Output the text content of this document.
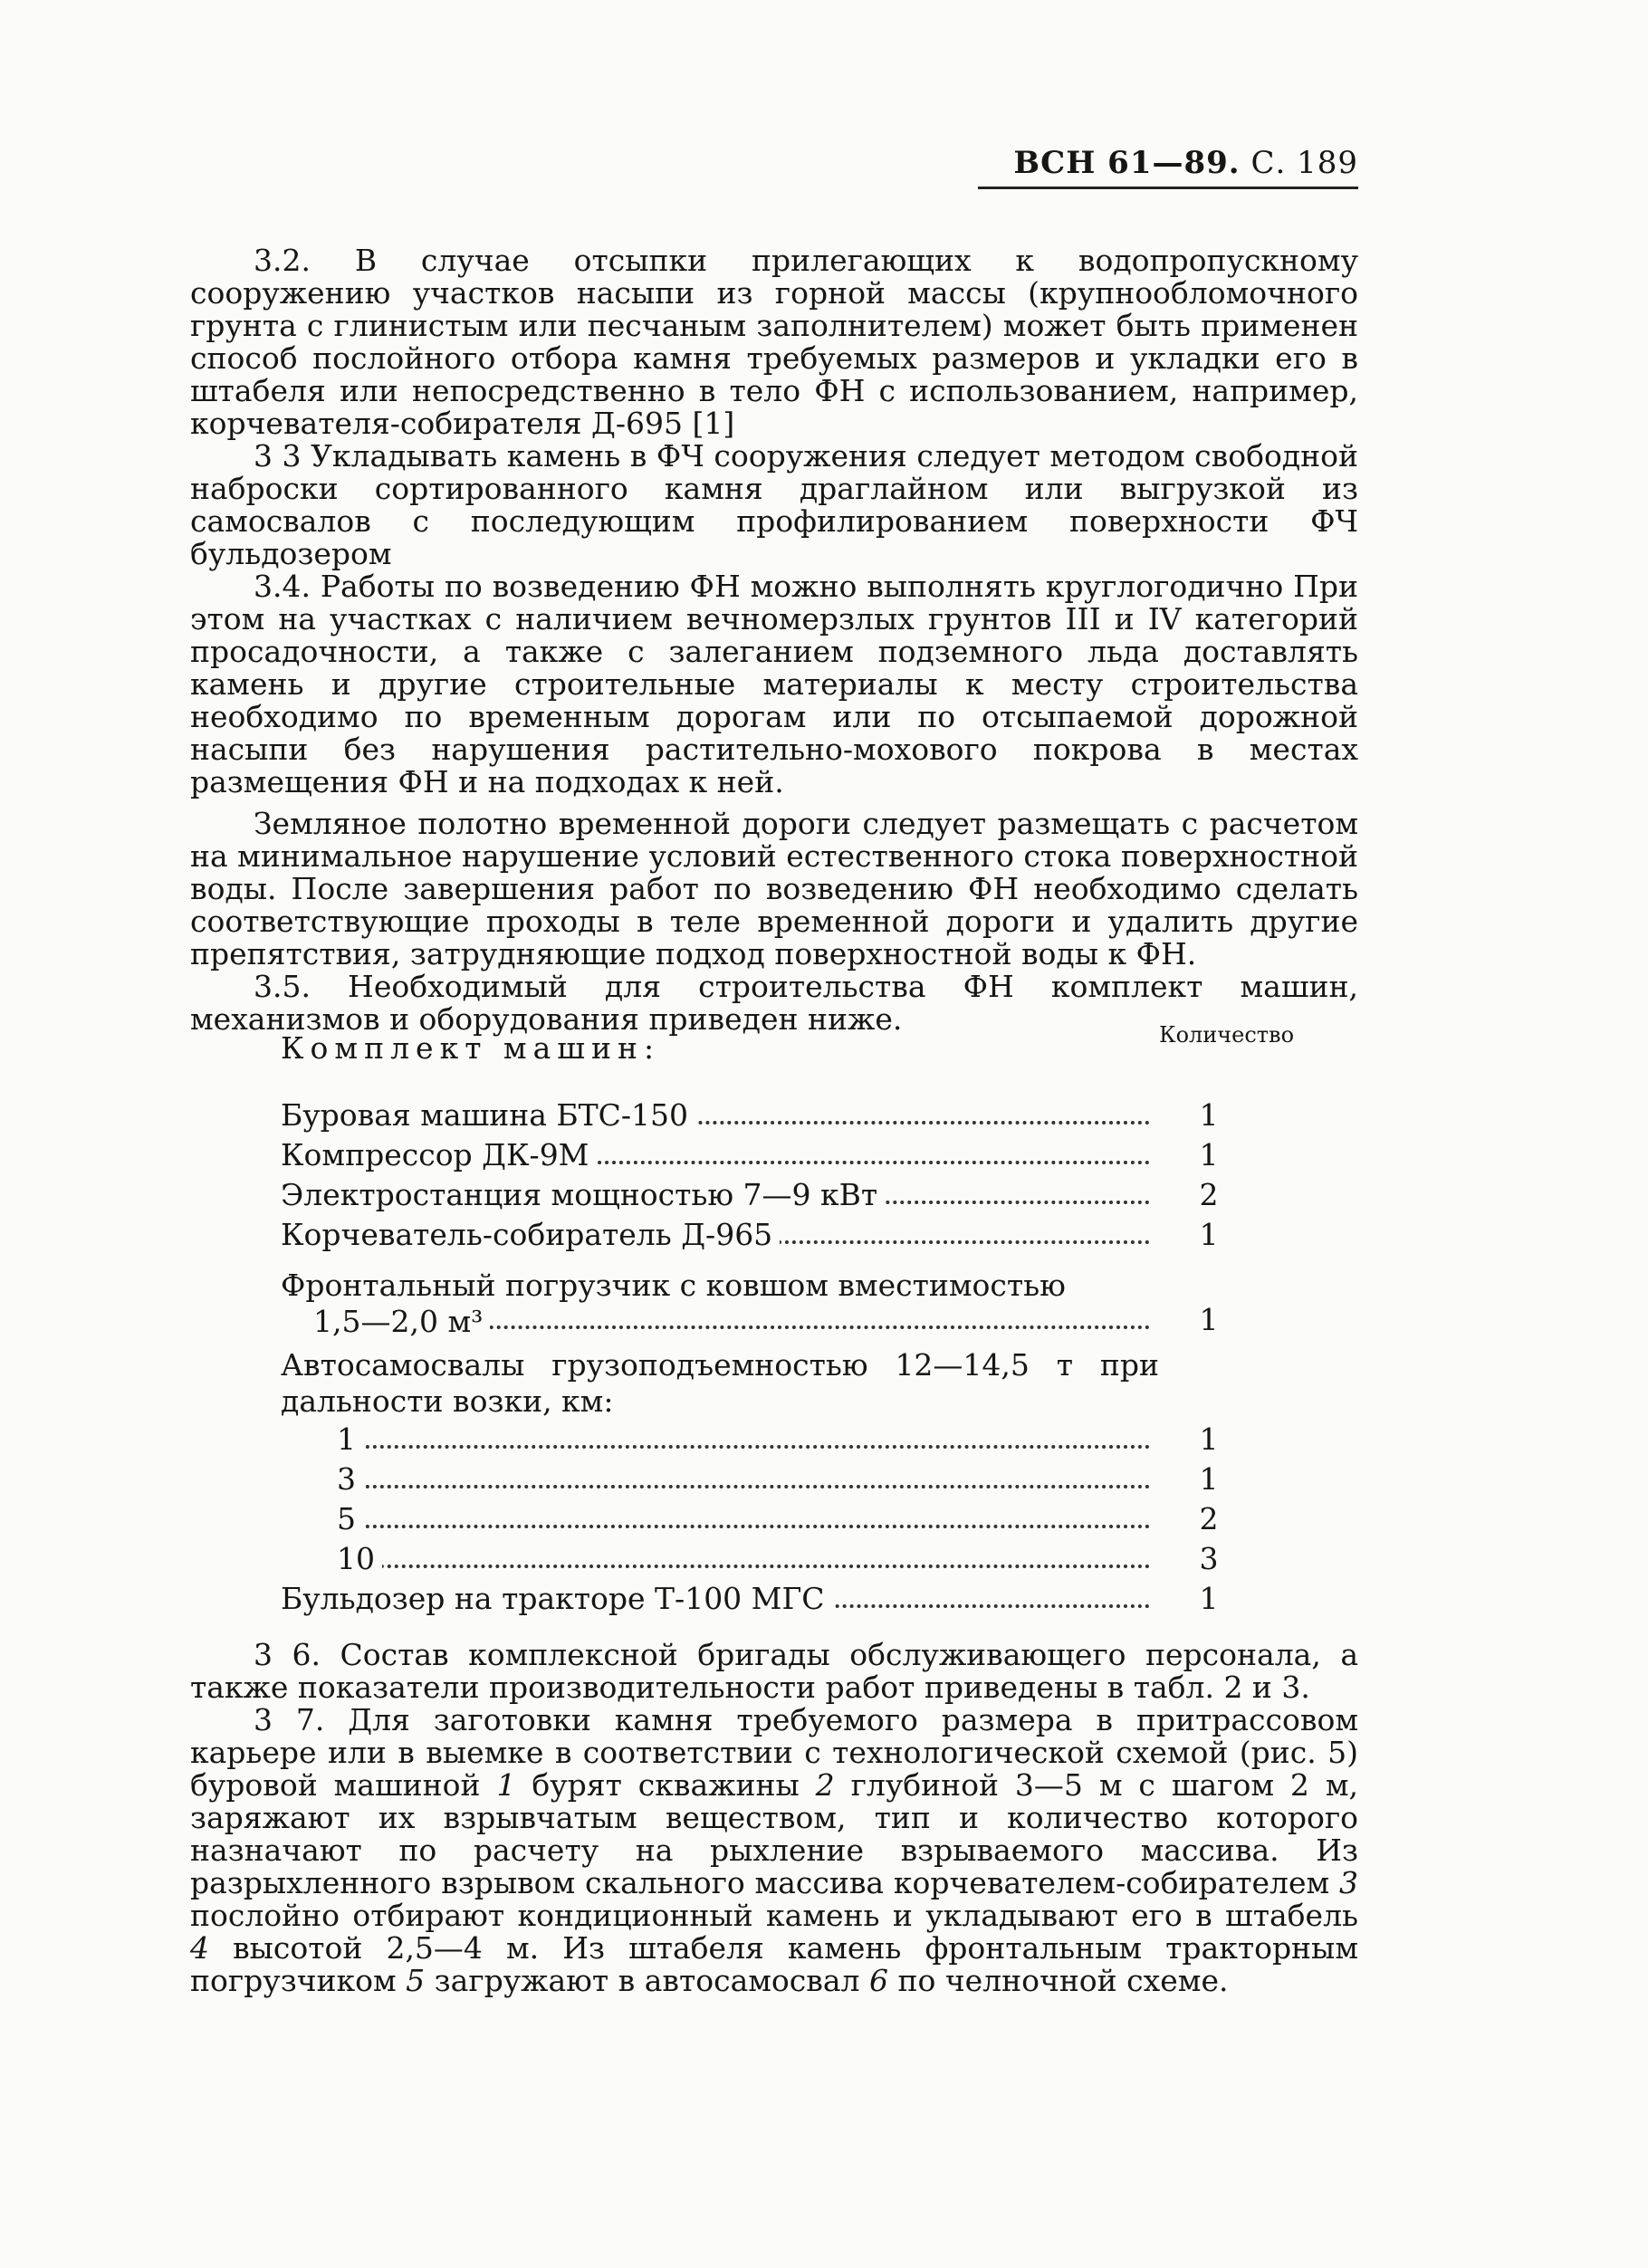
ВСН 61—89. С. 189

3.2. В случае отсыпки прилегающих к водопропускному сооружению участков насыпи из горной массы (крупнообломочного грунта с глинистым или песчаным заполнителем) может быть применен способ послойного отбора камня требуемых размеров и укладки его в штабеля или непосредственно в тело ФН с использованием, например, корчевателя-собирателя Д-695 [1]

3 3 Укладывать камень в ФЧ сооружения следует методом свободной наброски сортированного камня драглайном или выгрузкой из самосвалов с последующим профилированием поверхности ФЧ бульдозером

3.4. Работы по возведению ФН можно выполнять круглогодично При этом на участках с наличием вечномерзлых грунтов III и IV категорий просадочности, а также с залеганием подземного льда доставлять камень и другие строительные материалы к месту строительства необходимо по временным дорогам или по отсыпаемой дорожной насыпи без нарушения растительно-мохового покрова в местах размещения ФН и на подходах к ней.

Земляное полотно временной дороги следует размещать с расчетом на минимальное нарушение условий естественного стока поверхностной воды. После завершения работ по возведению ФН необходимо сделать соответствующие проходы в теле временной дороги и удалить другие препятствия, затрудняющие подход поверхностной воды к ФН.

3.5. Необходимый для строительства ФН комплект машин, механизмов и оборудования приведен ниже.

Комплект машин:	Количество
Буровая машина БТС-150	1
Компрессор ДК-9М	1
Электростанция мощностью 7—9 кВт	2
Корчеватель-собиратель Д-965	1
Фронтальный погрузчик с ковшом вместимостью
1,5—2,0 м³	1
Автосамосвалы грузоподъемностью 12—14,5 т при дальности возки, км:
1	1
3	1
5	2
10	3
Бульдозер на тракторе Т-100 МГС	1

3 6. Состав комплексной бригады обслуживающего персонала, а также показатели производительности работ приведены в табл. 2 и 3.

3 7. Для заготовки камня требуемого размера в притрассовом карьере или в выемке в соответствии с технологической схемой (рис. 5) буровой машиной 1 бурят скважины 2 глубиной 3—5 м с шагом 2 м, заряжают их взрывчатым веществом, тип и количество которого назначают по расчету на рыхление взрываемого массива. Из разрыхленного взрывом скального массива корчевателем-собирателем 3 послойно отбирают кондиционный камень и укладывают его в штабель 4 высотой 2,5—4 м. Из штабеля камень фронтальным тракторным погрузчиком 5 загружают в автосамосвал 6 по челночной схеме.
